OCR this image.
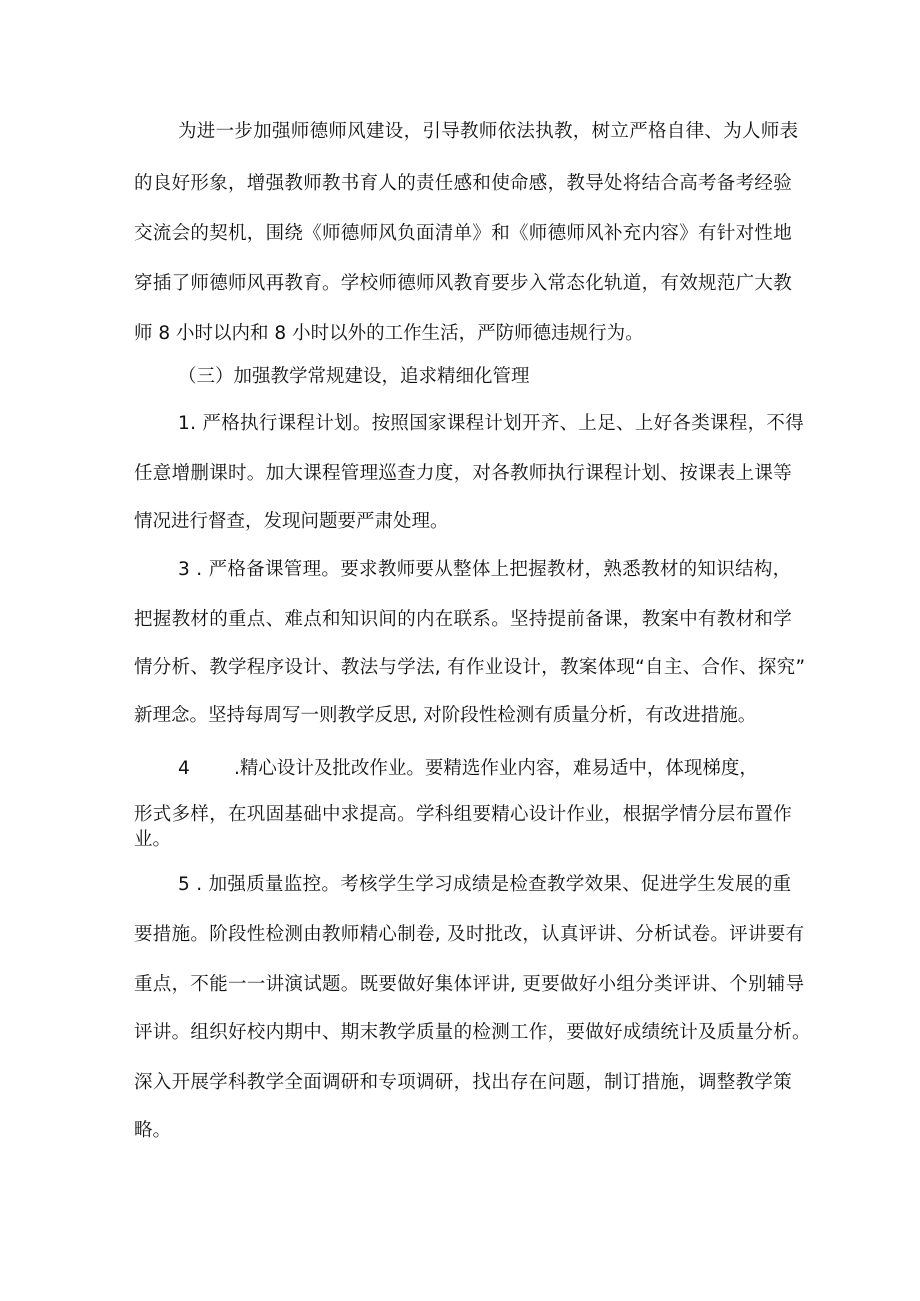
为进一步加强师德师风建设，引导教师依法执教，树立严格自律、为人师表
的良好形象，增强教师教书育人的责任感和使命感，教导处将结合高考备考经验
交流会的契机，围绕《师德师风负面清单》和《师德师风补充内容》有针对性地
穿插了师德师风再教育。学校师德师风教育要步入常态化轨道，有效规范广大教
师 8 小时以内和 8 小时以外的工作生活，严防师德违规行为。
（三）加强教学常规建设，追求精细化管理
1. 严格执行课程计划。按照国家课程计划开齐、上足、上好各类课程，不得
任意增删课时。加大课程管理巡查力度，对各教师执行课程计划、按课表上课等
情况进行督查，发现问题要严肃处理。
3 . 严格备课管理。要求教师要从整体上把握教材，熟悉教材的知识结构，
把握教材的重点、难点和知识间的内在联系。坚持提前备课，教案中有教材和学
情分析、教学程序设计、教法与学法, 有作业设计，教案体现“自主、合作、探究”
新理念。坚持每周写一则教学反思, 对阶段性检测有质量分析，有改进措施。
4 .精心设计及批改作业。要精选作业内容，难易适中，体现梯度，
形式多样，在巩固基础中求提高。学科组要精心设计作业，根据学情分层布置作
业。
5 . 加强质量监控。考核学生学习成绩是检查教学效果、促进学生发展的重
要措施。阶段性检测由教师精心制卷, 及时批改，认真评讲、分析试卷。评讲要有
重点，不能一一讲演试题。既要做好集体评讲, 更要做好小组分类评讲、个别辅导
评讲。组织好校内期中、期末教学质量的检测工作，要做好成绩统计及质量分析。
深入开展学科教学全面调研和专项调研，找出存在问题，制订措施，调整教学策
略。
